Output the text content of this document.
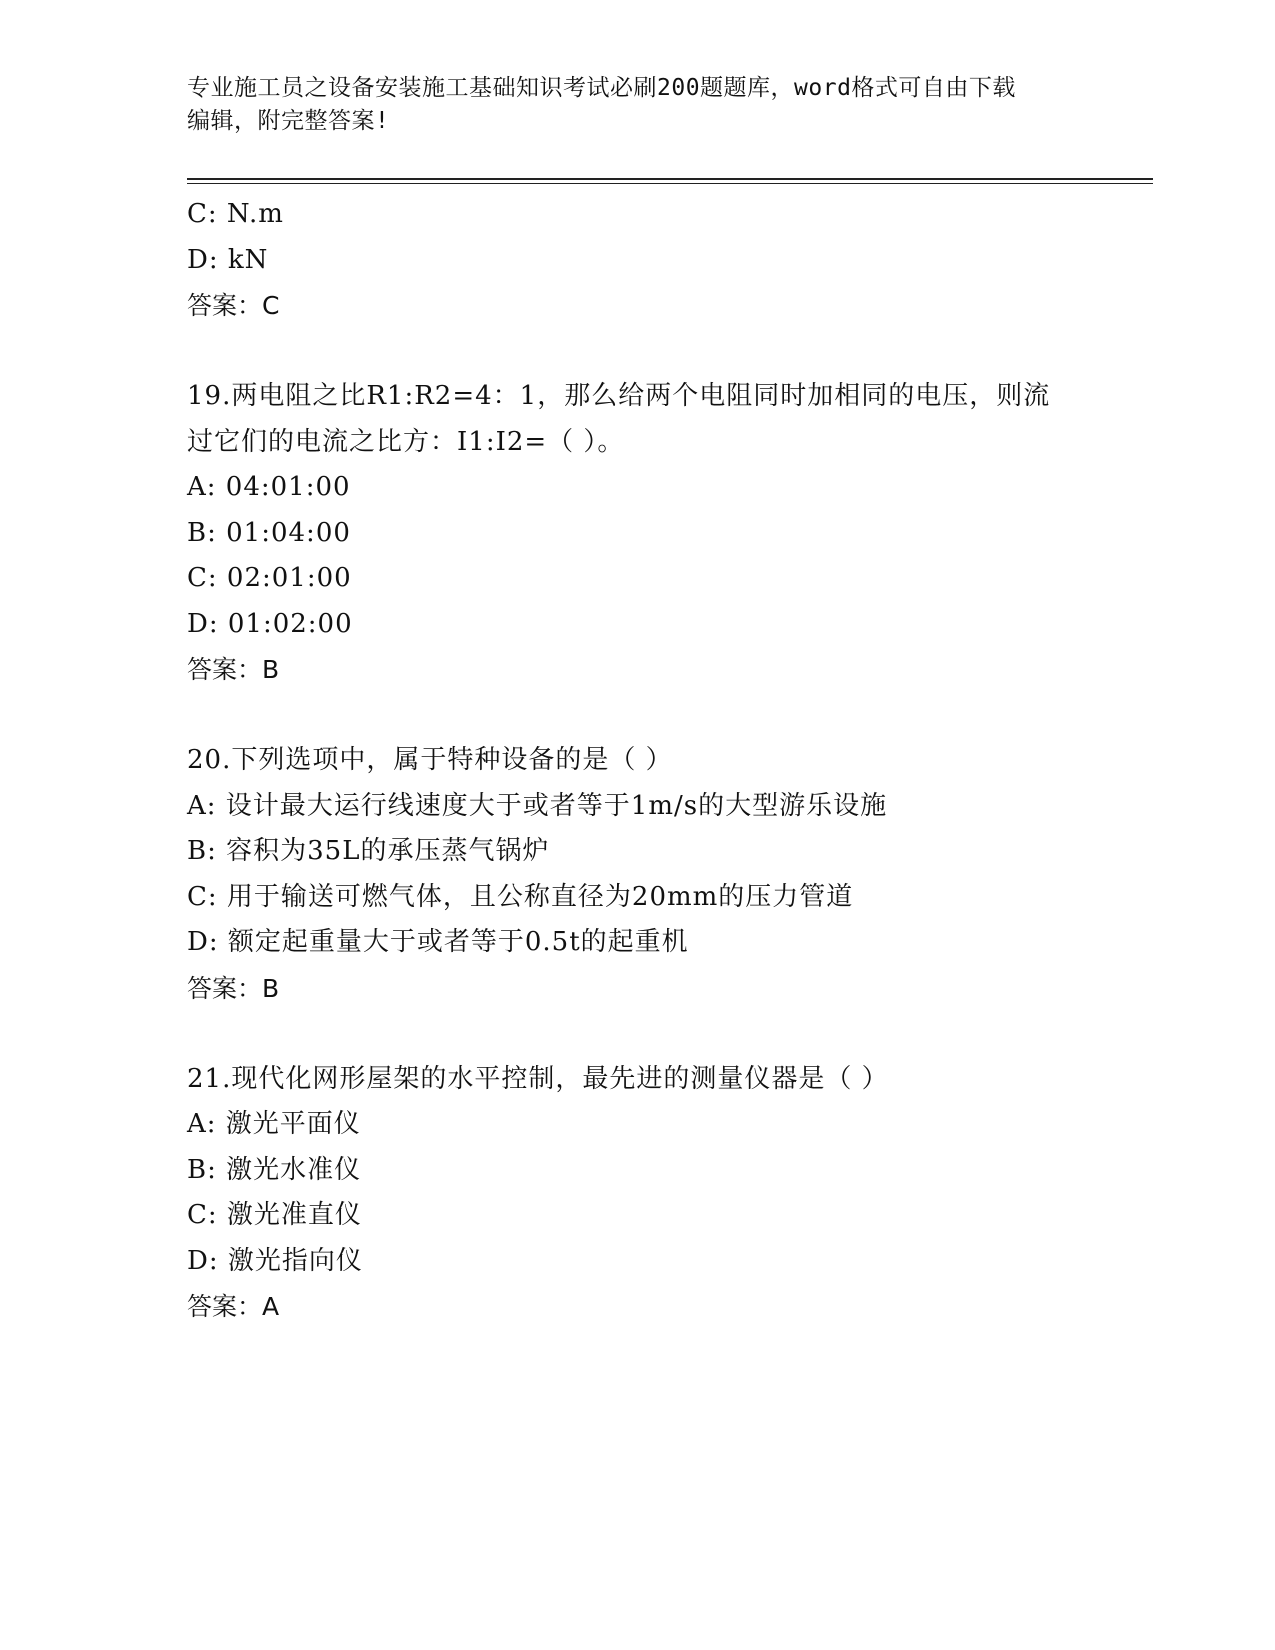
专业施工员之设备安装施工基础知识考试必刷200题题库，word格式可自由下载
编辑，附完整答案!
C: N.m
D: kN
答案：C
19.两电阻之比R1:R2=4：1，那么给两个电阻同时加相同的电压，则流
过它们的电流之比方：I1:I2=（ ）。
A: 04:01:00
B: 01:04:00
C: 02:01:00
D: 01:02:00
答案：B
20.下列选项中，属于特种设备的是（ ）
A: 设计最大运行线速度大于或者等于1m/s的大型游乐设施
B: 容积为35L的承压蒸气锅炉
C: 用于输送可燃气体，且公称直径为20mm的压力管道
D: 额定起重量大于或者等于0.5t的起重机
答案：B
21.现代化网形屋架的水平控制，最先进的测量仪器是（ ）
A: 激光平面仪
B: 激光水准仪
C: 激光准直仪
D: 激光指向仪
答案：A
